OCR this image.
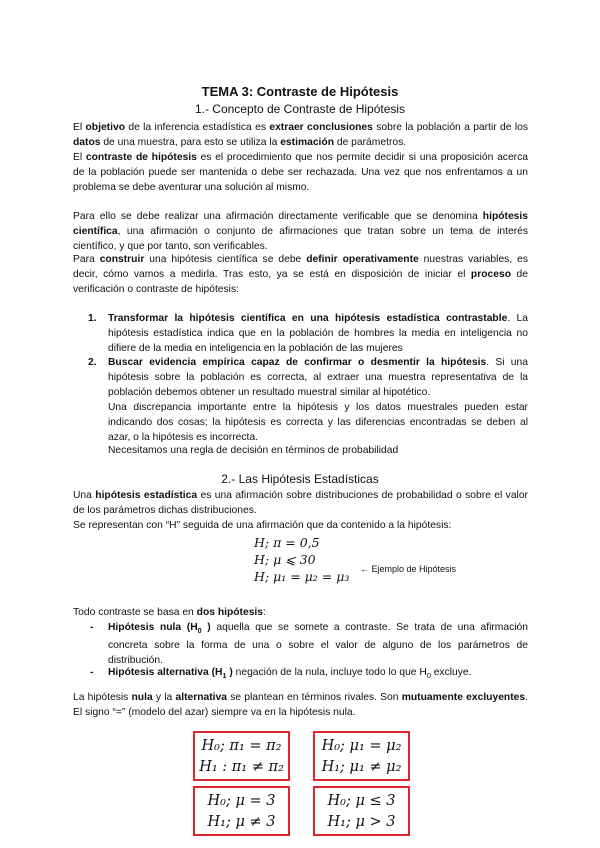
TEMA 3: Contraste de Hipótesis
1.- Concepto de Contraste de Hipótesis
El objetivo de la inferencia estadística es extraer conclusiones sobre la población a partir de los datos de una muestra, para esto se utiliza la estimación de parámetros.
El contraste de hipótesis es el procedimiento que nos permite decidir si una proposición acerca de la población puede ser mantenida o debe ser rechazada. Una vez que nos enfrentamos a un problema se debe aventurar una solución al mismo.
Para ello se debe realizar una afirmación directamente verificable que se denomina hipótesis científica, una afirmación o conjunto de afirmaciones que tratan sobre un tema de interés científico, y que por tanto, son verificables.
Para construir una hipótesis científica se debe definir operativamente nuestras variables, es decir, cómo vamos a medirla. Tras esto, ya se está en disposición de iniciar el proceso de verificación o contraste de hipótesis:
1. Transformar la hipótesis científica en una hipótesis estadística contrastable. La hipótesis estadística indica que en la población de hombres la media en inteligencia no difiere de la media en inteligencia en la población de las mujeres
2. Buscar evidencia empírica capaz de confirmar o desmentir la hipótesis. Si una hipótesis sobre la población es correcta, al extraer una muestra representativa de la población debemos obtener un resultado muestral similar al hipotético.
Una discrepancia importante entre la hipótesis y los datos muestrales pueden estar indicando dos cosas; la hipótesis es correcta y las diferencias encontradas se deben al azar, o la hipótesis es incorrecta.
Necesitamos una regla de decisión en términos de probabilidad
2.- Las Hipótesis Estadísticas
Una hipótesis estadística es una afirmación sobre distribuciones de probabilidad o sobre el valor de los parámetros dichas distribuciones.
Se representan con “H” seguida de una afirmación que da contenido a la hipótesis:
H; π = 0,5
H; μ ⩽ 30
H; μ₁ = μ₂ = μ₃ ← Ejemplo de Hipótesis
Todo contraste se basa en dos hipótesis:
- Hipótesis nula ($H_0$ ) aquella que se somete a contraste. Se trata de una afirmación concreta sobre la forma de una o sobre el valor de alguno de los parámetros de distribución.
- Hipótesis alternativa ($H_1$ ) negación de la nula, incluye todo lo que $H_0$ excluye.
La hipótesis nula y la alternativa se plantean en términos rivales. Son mutuamente excluyentes. El signo “=” (modelo del azar) siempre va en la hipótesis nula.
H₀; π₁ = π₂
H₁ : π₁ ≠ π₂
H₀; μ₁ = μ₂
H₁; μ₁ ≠ μ₂
H₀; μ = 3
H₁; μ ≠ 3
H₀; μ ≤ 3
H₁; μ > 3
